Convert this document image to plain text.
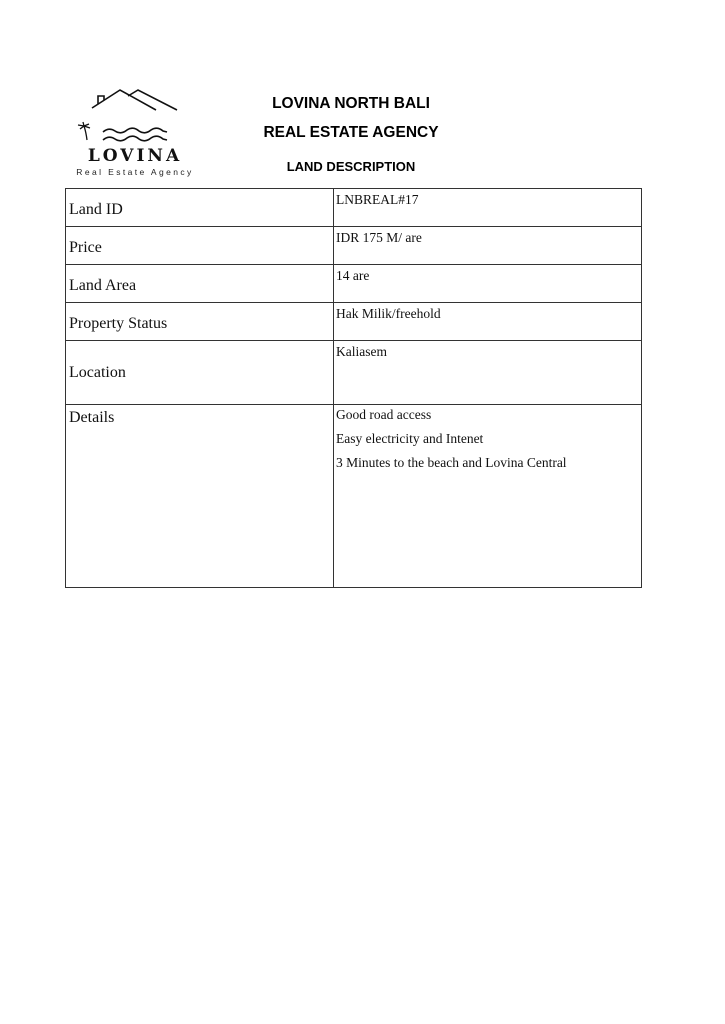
LOVINA
Real Estate Agency
LOVINA NORTH BALI
REAL ESTATE AGENCY
LAND DESCRIPTION
Land ID	LNBREAL#17

Price	IDR 175 M/ are

Land Area	14 are

Property Status	Hak Milik/freehold

Location	Kaliasem

Details	Good road access
Easy electricity and Intenet
3 Minutes to the beach and Lovina Central
